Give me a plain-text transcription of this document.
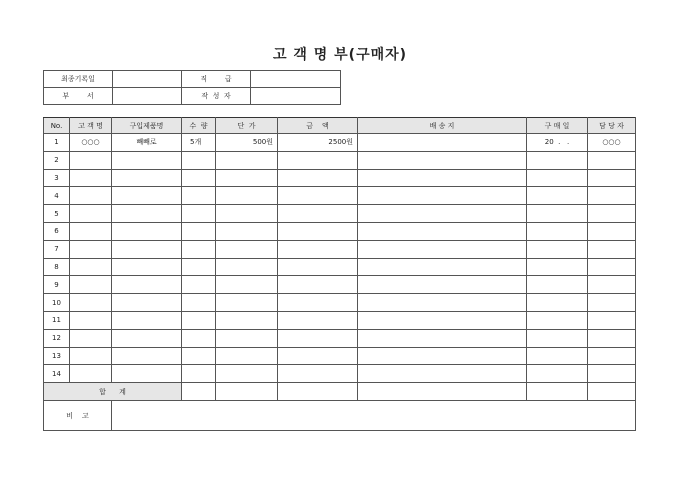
고 객 명 부(구매자)
최종기록일		직        급	
부        서		작  성  자	
No.	고 객 명	구입제품명	수  량	단  가	금    액	배 송 지	구 매 일	담 당 자
1	○○○	빼빼로	5개	500원	2500원		20  .   .	○○○
2								
3								
4								
5								
6								
7								
8								
9								
10								
11								
12								
13								
14								
합      계								
비    고								
